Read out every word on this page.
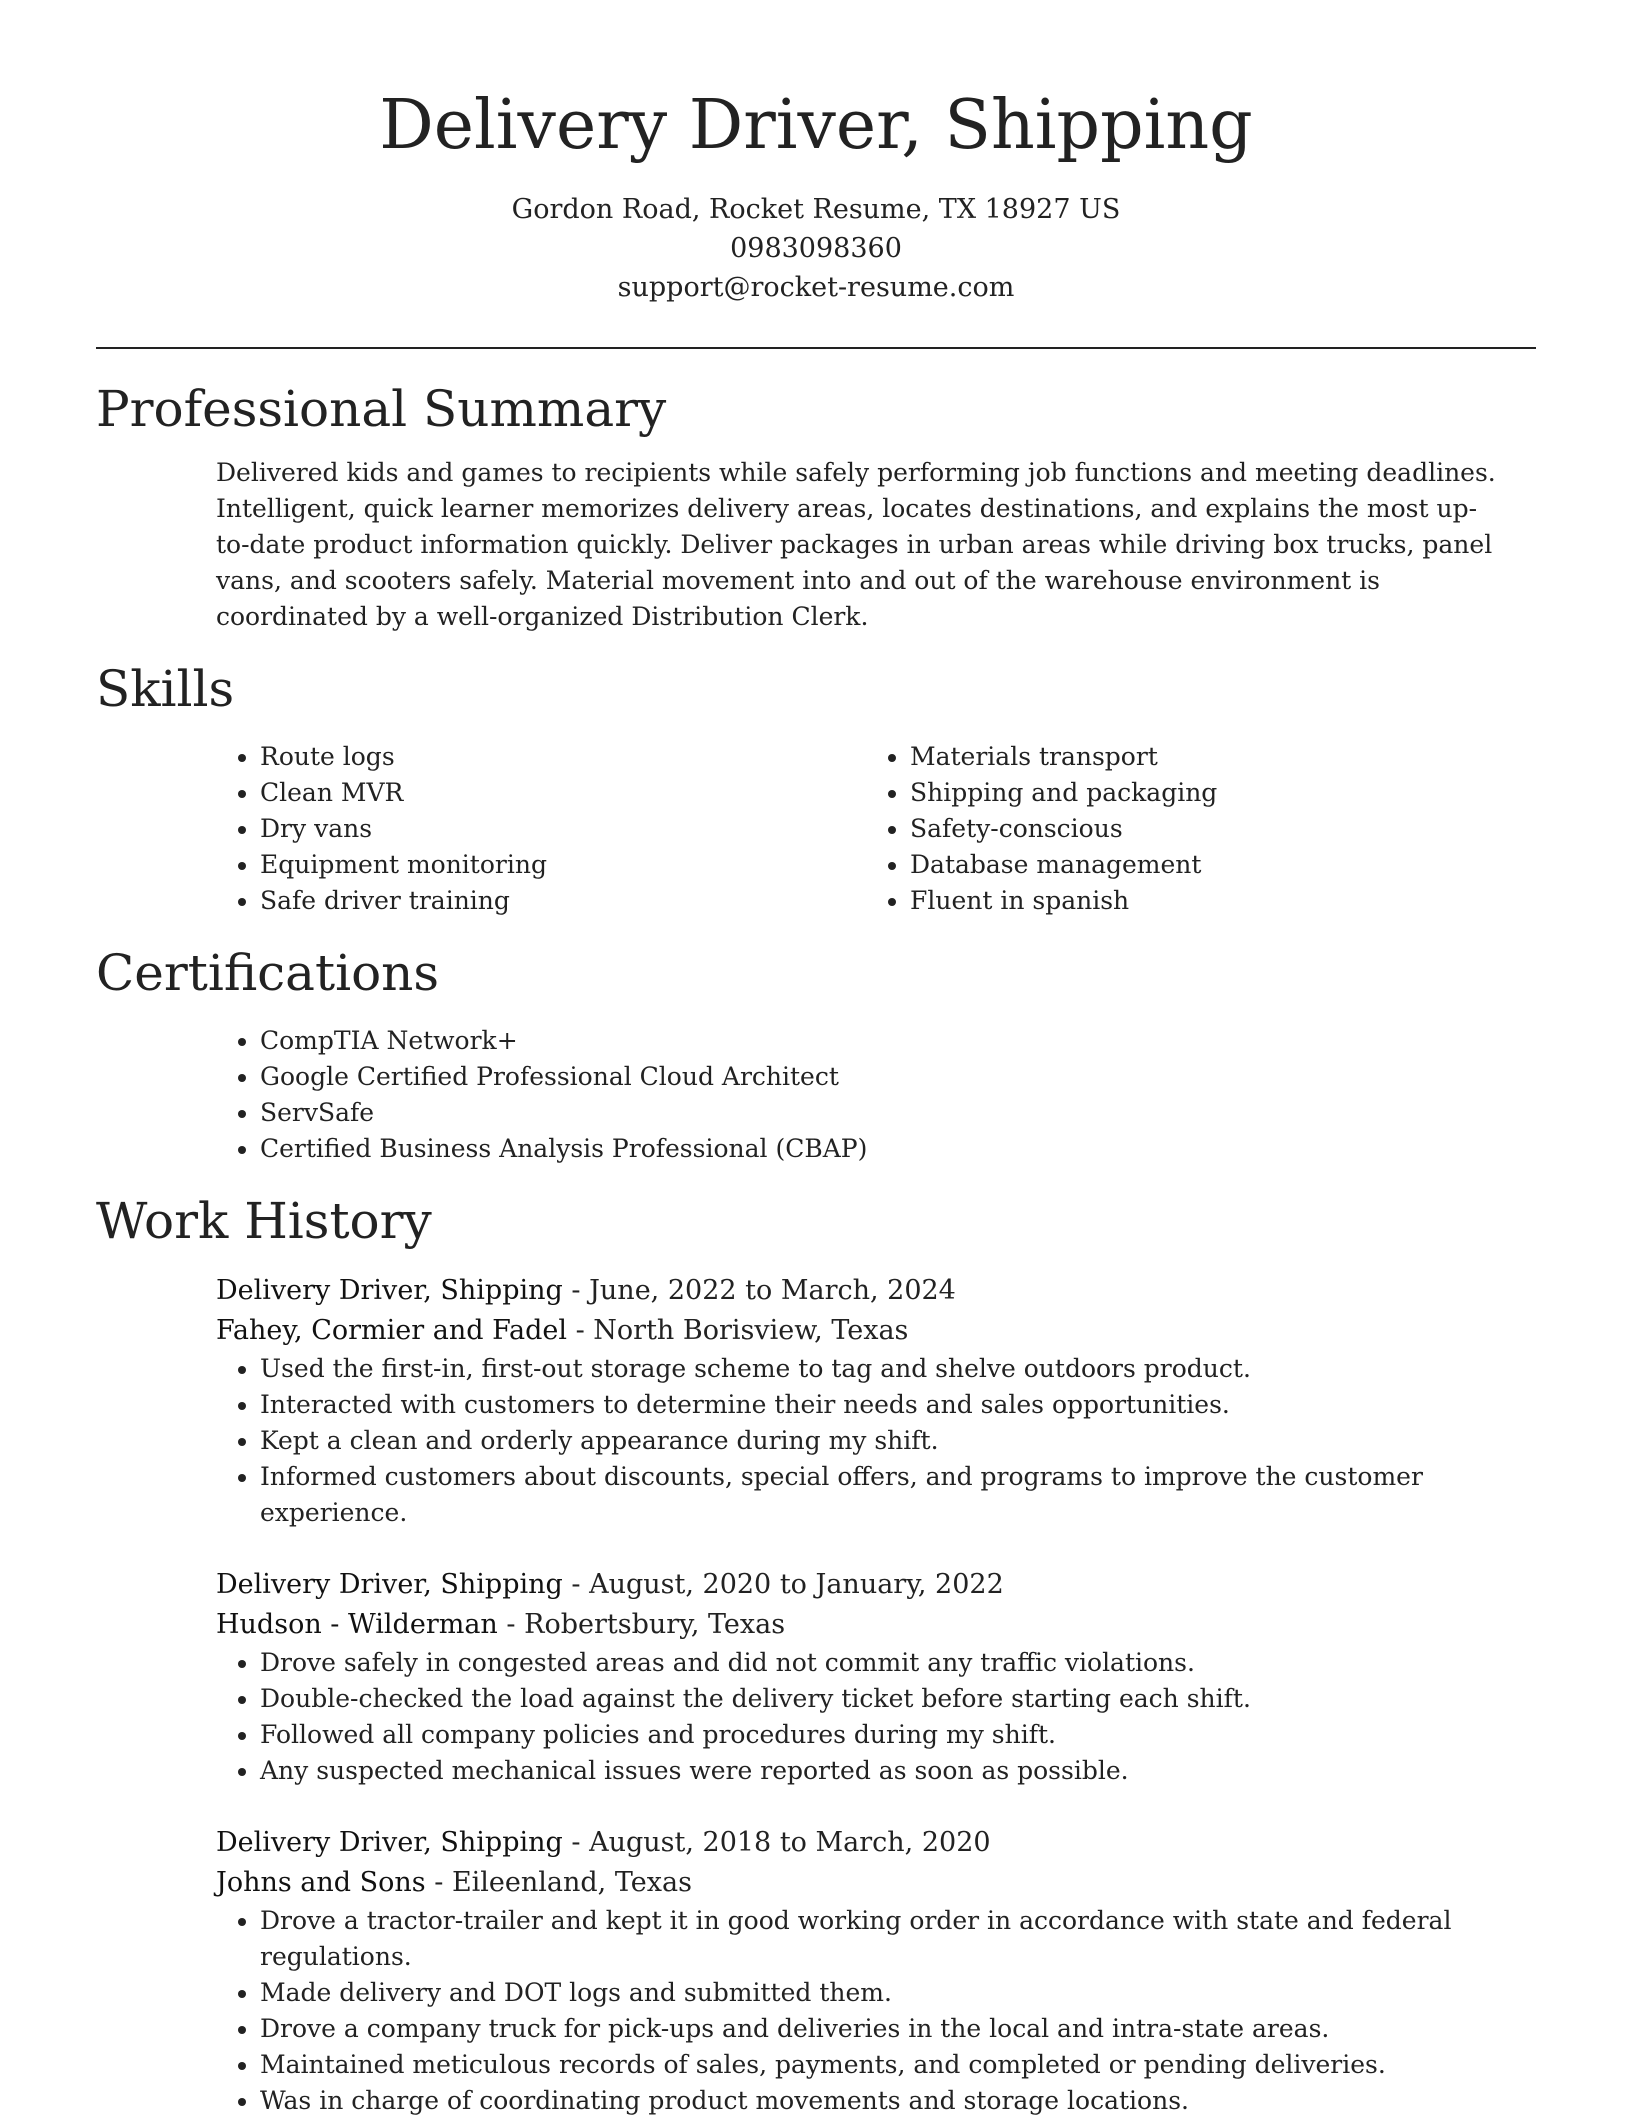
Delivery Driver, Shipping

Gordon Road, Rocket Resume, TX 18927 US

0983098360

support@rocket-resume.com

Professional Summary

Delivered kids and games to recipients while safely performing job functions and meeting deadlines. Intelligent, quick learner memorizes delivery areas, locates destinations, and explains the most up-to-date product information quickly. Deliver packages in urban areas while driving box trucks, panel vans, and scooters safely. Material movement into and out of the warehouse environment is coordinated by a well-organized Distribution Clerk.

Skills
• Route logs
• Clean MVR
• Dry vans
• Equipment monitoring
• Safe driver training
• Materials transport
• Shipping and packaging
• Safety-conscious
• Database management
• Fluent in spanish
Certifications
• CompTIA Network+
• Google Certified Professional Cloud Architect
• ServSafe
• Certified Business Analysis Professional (CBAP)
Work History

Delivery Driver, Shipping - June, 2022 to March, 2024

Fahey, Cormier and Fadel - North Borisview, Texas

• Used the first-in, first-out storage scheme to tag and shelve outdoors product.
• Interacted with customers to determine their needs and sales opportunities.
• Kept a clean and orderly appearance during my shift.
• Informed customers about discounts, special offers, and programs to improve the customer experience.

Delivery Driver, Shipping - August, 2020 to January, 2022

Hudson - Wilderman - Robertsbury, Texas

• Drove safely in congested areas and did not commit any traffic violations.
• Double-checked the load against the delivery ticket before starting each shift.
• Followed all company policies and procedures during my shift.
• Any suspected mechanical issues were reported as soon as possible.

Delivery Driver, Shipping - August, 2018 to March, 2020

Johns and Sons - Eileenland, Texas

• Drove a tractor-trailer and kept it in good working order in accordance with state and federal regulations.
• Made delivery and DOT logs and submitted them.
• Drove a company truck for pick-ups and deliveries in the local and intra-state areas.
• Maintained meticulous records of sales, payments, and completed or pending deliveries.
• Was in charge of coordinating product movements and storage locations.
